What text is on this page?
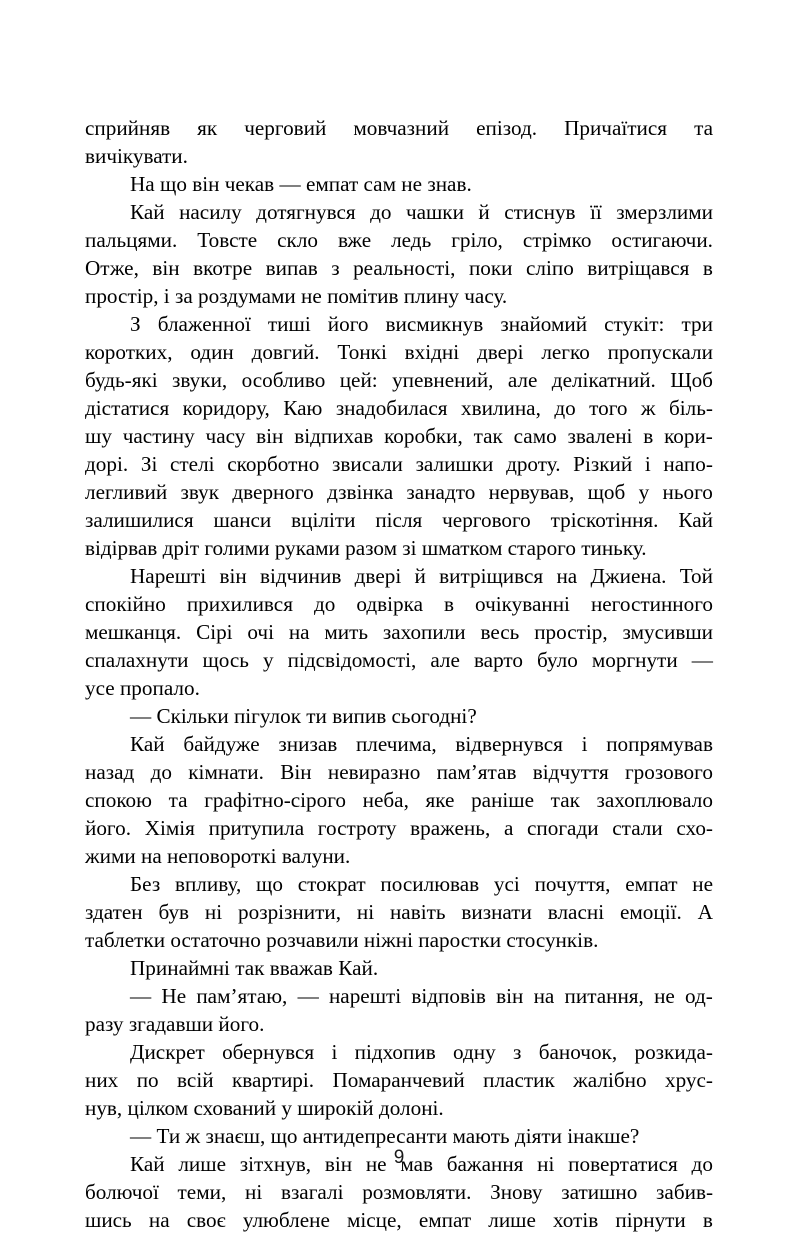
сприйняв як черговий мовчазний епізод. Причаїтися та
вичікувати.
На що він чекав — емпат сам не знав.
Кай насилу дотягнувся до чашки й стиснув її змерзлими
пальцями. Товсте скло вже ледь гріло, стрімко остигаючи.
Отже, він вкотре випав з реальності, поки сліпо витріщався в
простір, і за роздумами не помітив плину часу.
З блаженної тиші його висмикнув знайомий стукіт: три
коротких, один довгий. Тонкі вхідні двері легко пропускали
будь-які звуки, особливо цей: упевнений, але делікатний. Щоб
дістатися коридору, Каю знадобилася хвилина, до того ж біль-
шу частину часу він відпихав коробки, так само звалені в кори-
дорі. Зі стелі скорботно звисали залишки дроту. Різкий і напо-
легливий звук дверного дзвінка занадто нервував, щоб у нього
залишилися шанси вціліти після чергового тріскотіння. Кай
відірвав дріт голими руками разом зі шматком старого тиньку.
Нарешті він відчинив двері й витріщився на Джиена. Той
спокійно прихилився до одвірка в очікуванні негостинного
мешканця. Сірі очі на мить захопили весь простір, змусивши
спалахнути щось у підсвідомості, але варто було моргнути —
усе пропало.
— Скільки пігулок ти випив сьогодні?
Кай байдуже знизав плечима, відвернувся і попрямував
назад до кімнати. Він невиразно пам’ятав відчуття грозового
спокою та графітно-сірого неба, яке раніше так захоплювало
його. Хімія притупила гостроту вражень, а спогади стали схо-
жими на неповороткі валуни.
Без впливу, що стократ посилював усі почуття, емпат не
здатен був ні розрізнити, ні навіть визнати власні емоції. А
таблетки остаточно розчавили ніжні паростки стосунків.
Принаймні так вважав Кай.
— Не пам’ятаю, — нарешті відповів він на питання, не од-
разу згадавши його.
Дискрет обернувся і підхопив одну з баночок, розкида-
них по всій квартирі. Помаранчевий пластик жалібно хрус-
нув, цілком схований у широкій долоні.
— Ти ж знаєш, що антидепресанти мають діяти інакше?
Кай лише зітхнув, він не мав бажання ні повертатися до
болючої теми, ні взагалі розмовляти. Знову затишно забив-
шись на своє улюблене місце, емпат лише хотів пірнути в
9
